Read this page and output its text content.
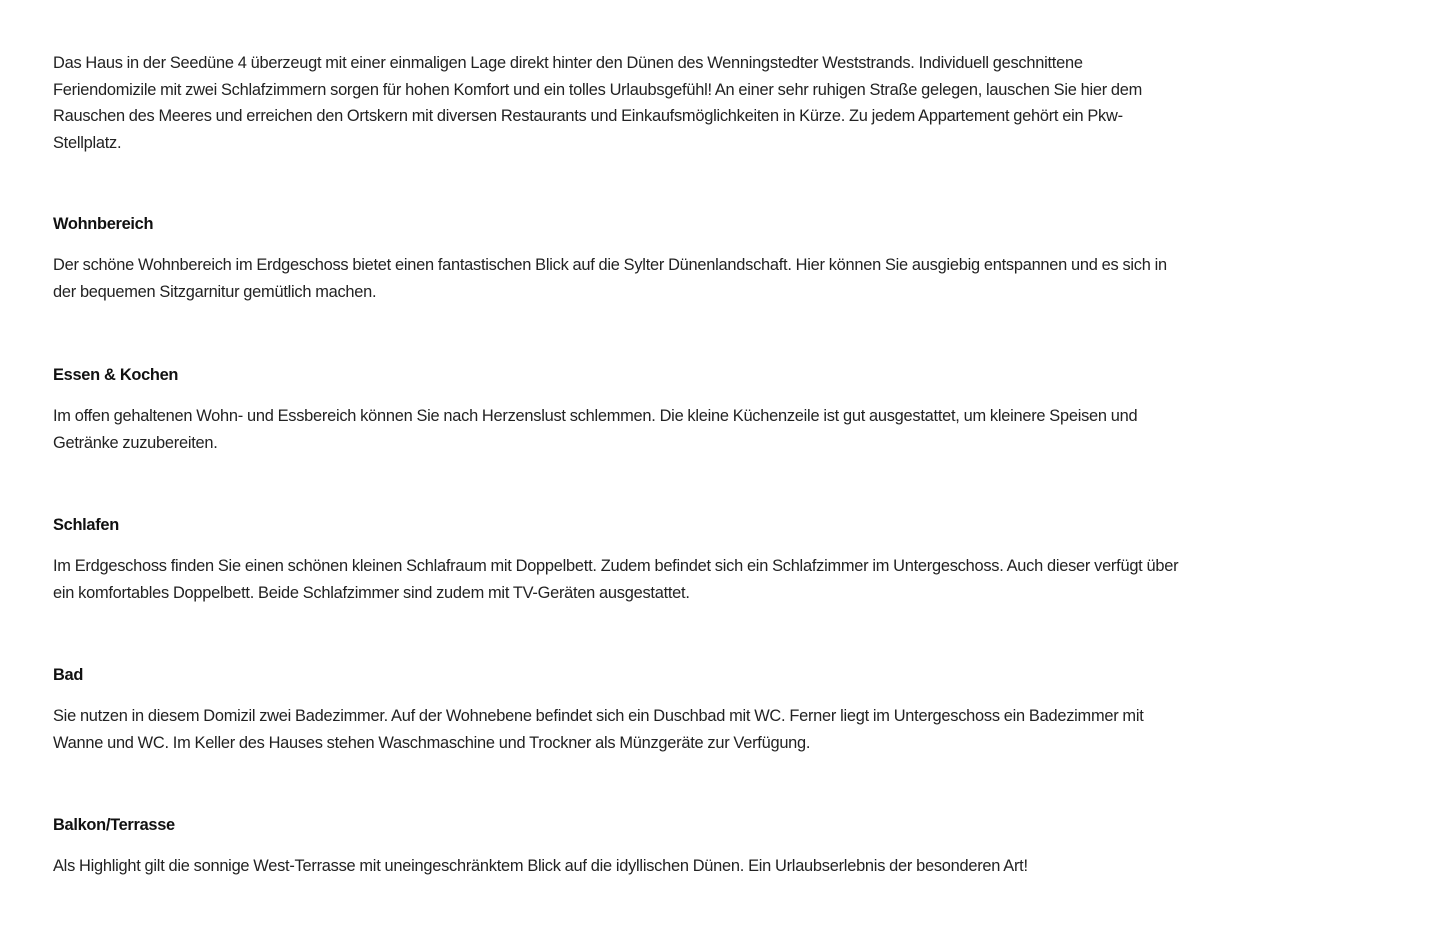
Das Haus in der Seedüne 4 überzeugt mit einer einmaligen Lage direkt hinter den Dünen des Wenningstedter Weststrands. Individuell geschnittene
Feriendomizile mit zwei Schlafzimmern sorgen für hohen Komfort und ein tolles Urlaubsgefühl! An einer sehr ruhigen Straße gelegen, lauschen Sie hier dem
Rauschen des Meeres und erreichen den Ortskern mit diversen Restaurants und Einkaufsmöglichkeiten in Kürze. Zu jedem Appartement gehört ein Pkw-
Stellplatz.

Wohnbereich

Der schöne Wohnbereich im Erdgeschoss bietet einen fantastischen Blick auf die Sylter Dünenlandschaft. Hier können Sie ausgiebig entspannen und es sich in
der bequemen Sitzgarnitur gemütlich machen.

Essen & Kochen

Im offen gehaltenen Wohn- und Essbereich können Sie nach Herzenslust schlemmen. Die kleine Küchenzeile ist gut ausgestattet, um kleinere Speisen und
Getränke zuzubereiten.

Schlafen

Im Erdgeschoss finden Sie einen schönen kleinen Schlafraum mit Doppelbett. Zudem befindet sich ein Schlafzimmer im Untergeschoss. Auch dieser verfügt über
ein komfortables Doppelbett. Beide Schlafzimmer sind zudem mit TV-Geräten ausgestattet.

Bad

Sie nutzen in diesem Domizil zwei Badezimmer. Auf der Wohnebene befindet sich ein Duschbad mit WC. Ferner liegt im Untergeschoss ein Badezimmer mit
Wanne und WC. Im Keller des Hauses stehen Waschmaschine und Trockner als Münzgeräte zur Verfügung.

Balkon/Terrasse

Als Highlight gilt die sonnige West-Terrasse mit uneingeschränktem Blick auf die idyllischen Dünen. Ein Urlaubserlebnis der besonderen Art!
